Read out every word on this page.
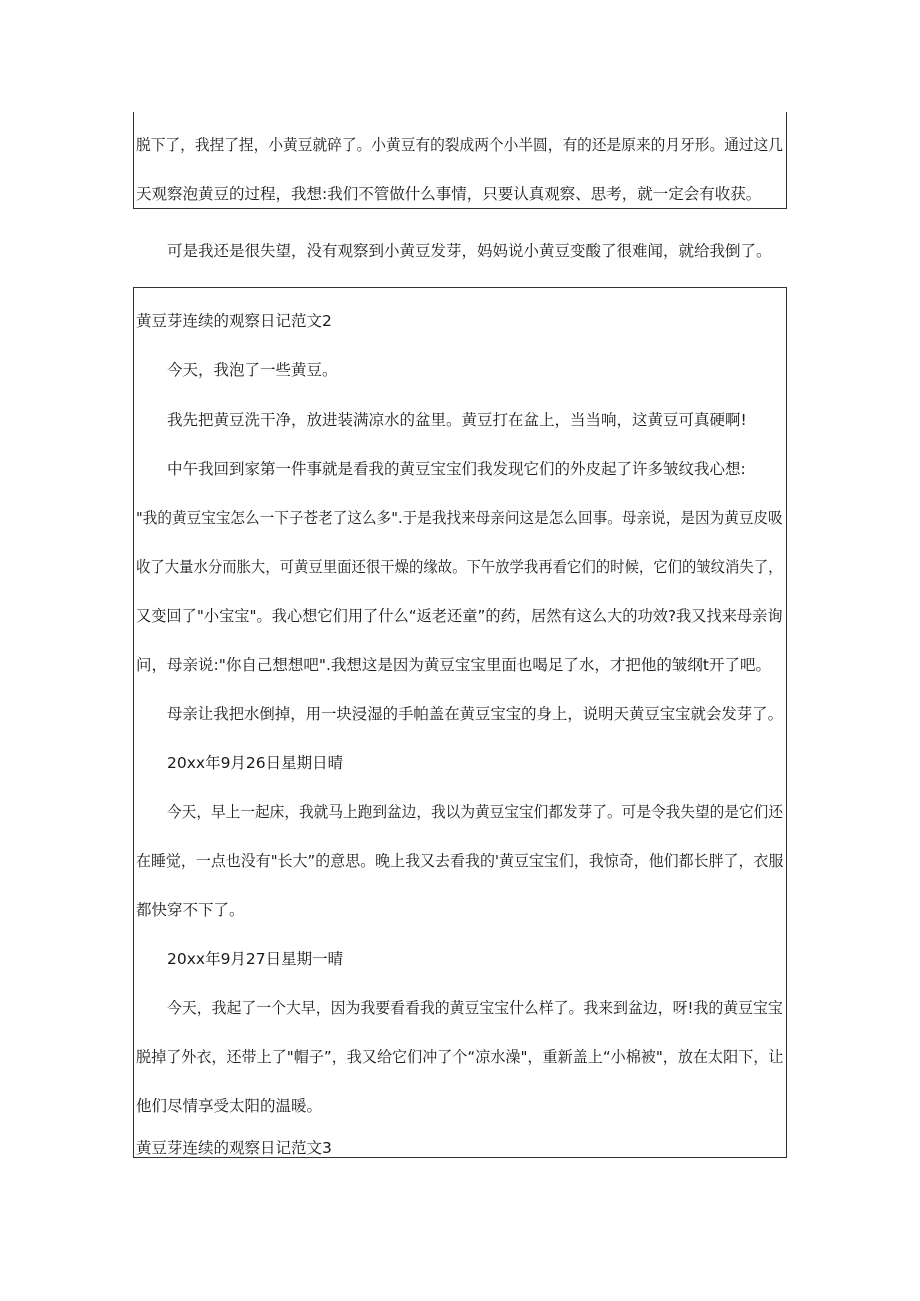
脱下了，我捏了捏，小黄豆就碎了。小黄豆有的裂成两个小半圆，有的还是原来的月牙形。通过这几
天观察泡黄豆的过程，我想:我们不管做什么事情，只要认真观察、思考，就一定会有收获。
可是我还是很失望，没有观察到小黄豆发芽，妈妈说小黄豆变酸了很难闻，就给我倒了。
黄豆芽连续的观察日记范文2
今天，我泡了一些黄豆。
我先把黄豆洗干净，放进装满凉水的盆里。黄豆打在盆上，当当响，这黄豆可真硬啊!
中午我回到家第一件事就是看我的黄豆宝宝们我发现它们的外皮起了许多皱纹我心想:
"我的黄豆宝宝怎么一下子苍老了这么多".于是我找来母亲问这是怎么回事。母亲说，是因为黄豆皮吸
收了大量水分而胀大，可黄豆里面还很干燥的缘故。下午放学我再看它们的时候，它们的皱纹消失了，
又变回了"小宝宝"。我心想它们用了什么“返老还童”的药，居然有这么大的功效?我又找来母亲询
问，母亲说:"你自己想想吧".我想这是因为黄豆宝宝里面也喝足了水，才把他的皱纲t开了吧。
母亲让我把水倒掉，用一块浸湿的手帕盖在黄豆宝宝的身上，说明天黄豆宝宝就会发芽了。
20xx年9月26日星期日晴
今天，早上一起床，我就马上跑到盆边，我以为黄豆宝宝们都发芽了。可是令我失望的是它们还
在睡觉，一点也没有"长大”的意思。晚上我又去看我的'黄豆宝宝们，我惊奇，他们都长胖了，衣服
都快穿不下了。
20xx年9月27日星期一晴
今天，我起了一个大早，因为我要看看我的黄豆宝宝什么样了。我来到盆边，呀!我的黄豆宝宝
脱掉了外衣，还带上了"帽子”，我又给它们冲了个“凉水澡"，重新盖上“小棉被"，放在太阳下，让
他们尽情享受太阳的温暖。
黄豆芽连续的观察日记范文3
